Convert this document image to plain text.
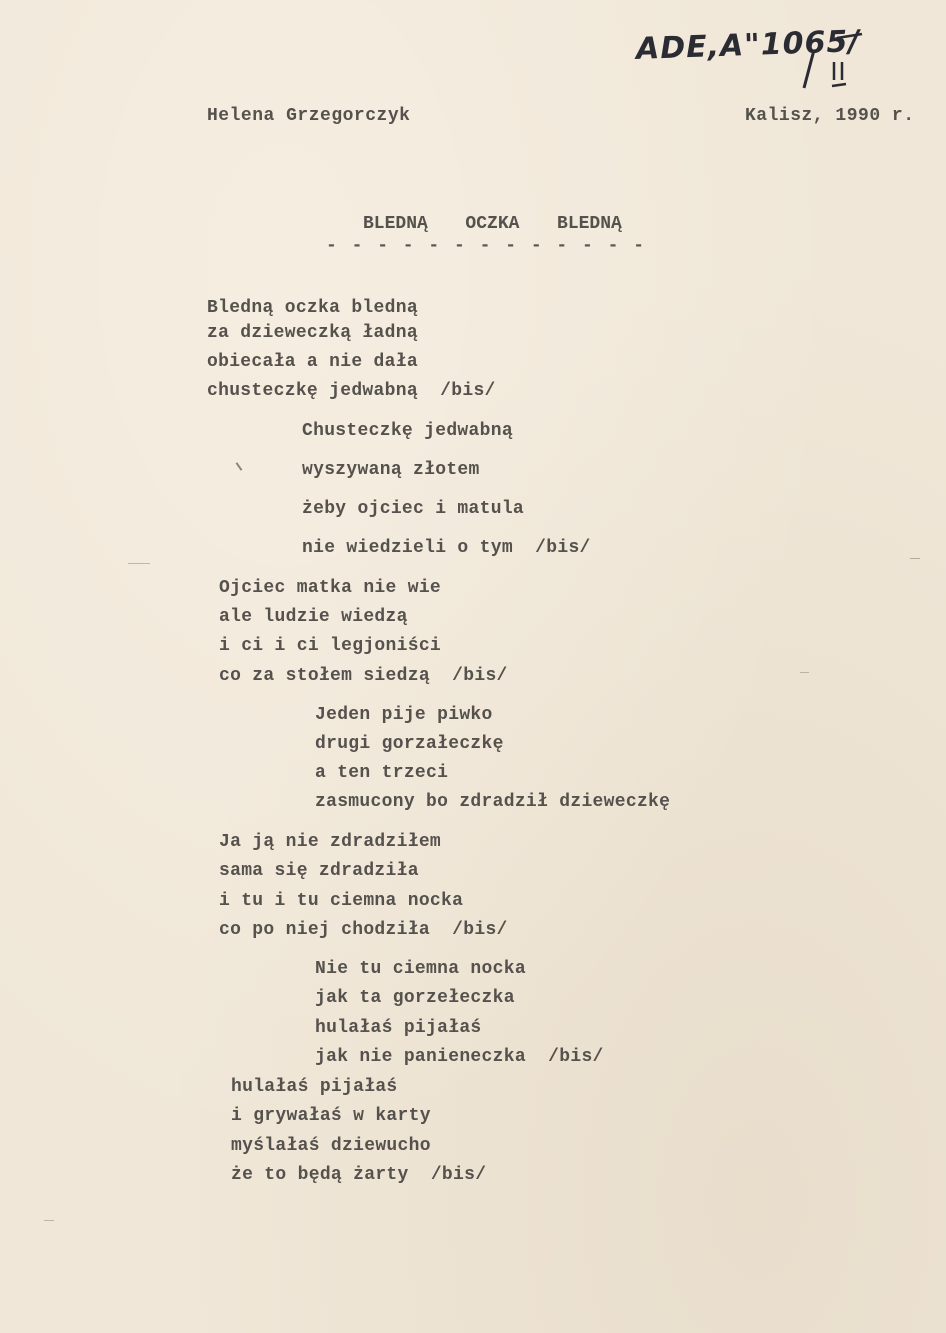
ADE,A"1065/
Helena Grzegorczyk	Kalisz, 1990 r.
BLEDNĄ  OCZKA  BLEDNĄ
- - - - - - - - - - - - -
Bledną oczka bledną
za dzieweczką ładną
obiecała a nie dała
chusteczkę jedwabną  /bis/
Chusteczkę jedwabną
wyszywaną złotem
żeby ojciec i matula
nie wiedzieli o tym  /bis/
Ojciec matka nie wie
ale ludzie wiedzą
i ci i ci legjoniści
co za stołem siedzą  /bis/
Jeden pije piwko
drugi gorzałeczkę
a ten trzeci
zasmucony bo zdradził dzieweczkę
Ja ją nie zdradziłem
sama się zdradziła
i tu i tu ciemna nocka
co po niej chodziła  /bis/
Nie tu ciemna nocka
jak ta gorzełeczka
hulałaś pijałaś
jak nie panieneczka  /bis/
hulałaś pijałaś
i grywałaś w karty
myślałaś dziewucho
że to będą żarty  /bis/
